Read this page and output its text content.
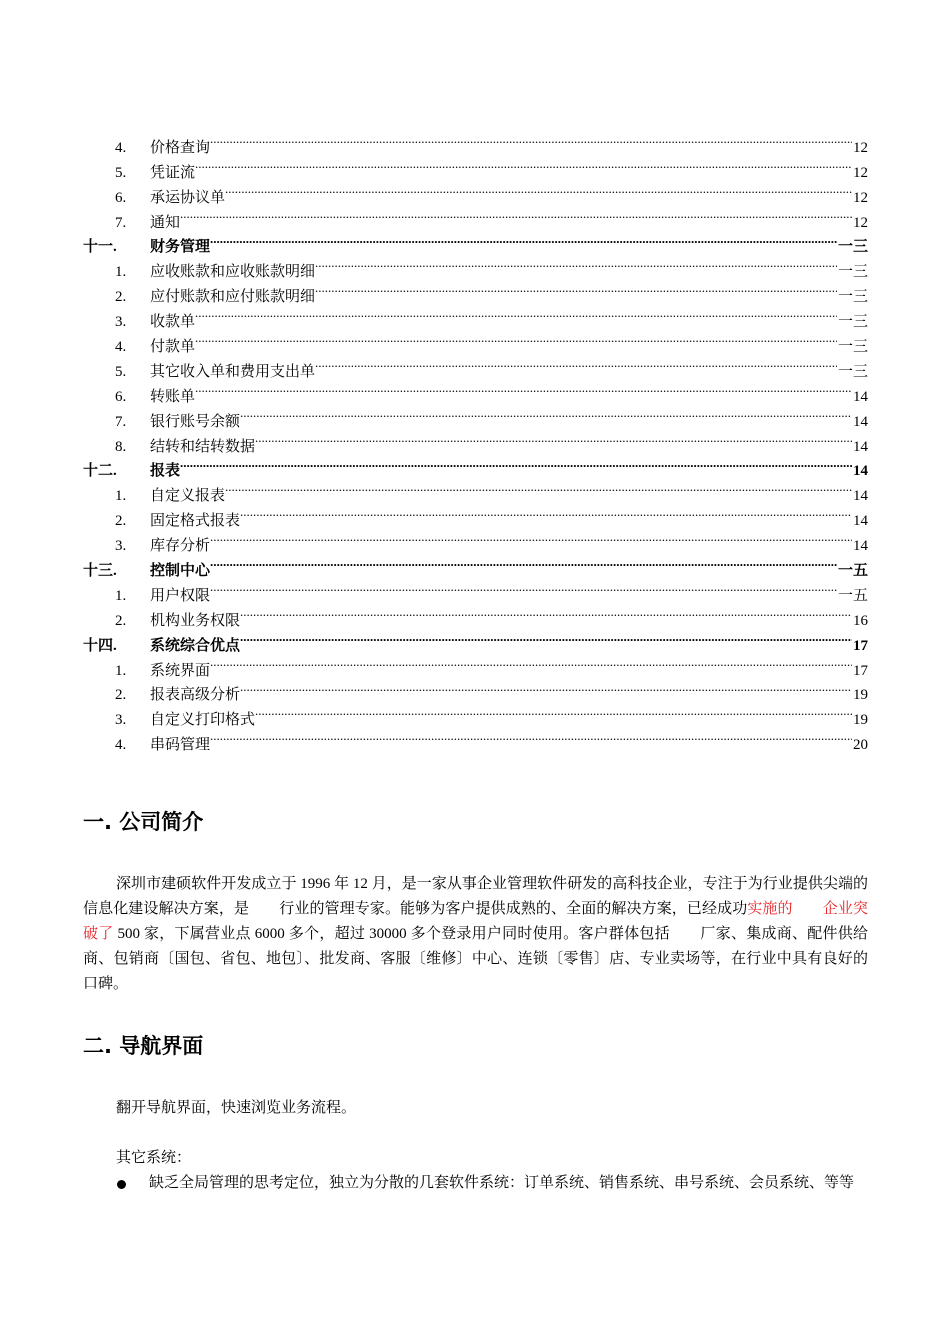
4.	价格查询 .....	12
5.	凭证流 .....	12
6.	承运协议单 .....	12
7.	通知 .....	12
十一.	财务管理 .....	一三
1.	应收账款和应收账款明细 .....	一三
2.	应付账款和应付账款明细 .....	一三
3.	收款单 .....	一三
4.	付款单 .....	一三
5.	其它收入单和费用支出单 .....	一三
6.	转账单 .....	14
7.	银行账号余额 .....	14
8.	结转和结转数据 .....	14
十二.	报表 .....	14
1.	自定义报表 .....	14
2.	固定格式报表 .....	14
3.	库存分析 .....	14
十三.	控制中心 .....	一五
1.	用户权限 .....	一五
2.	机构业务权限 .....	16
十四.	系统综合优点 .....	17
1.	系统界面 .....	17
2.	报表高级分析 .....	19
3.	自定义打印格式 .....	19
4.	串码管理 .....	20
一. 公司简介

深圳市建硕软件开发成立于 1996 年 12 月，是一家从事企业管理软件研发的高科技企业，专注于为行业提供尖端的信息化建设解决方案，是　　行业的管理专家。能够为客户提供成熟的、全面的解决方案，已经成功实施的　　企业突破了 500 家，下属营业点 6000 多个，超过 30000 多个登录用户同时使用。客户群体包括　　厂家、集成商、配件供给商、包销商〔国包、省包、地包〕、批发商、客服〔维修〕中心、连锁〔零售〕店、专业卖场等，在行业中具有良好的口碑。

二. 导航界面

翻开导航界面，快速浏览业务流程。

其它系统：

缺乏全局管理的思考定位，独立为分散的几套软件系统：订单系统、销售系统、串号系统、会员系统、等等
